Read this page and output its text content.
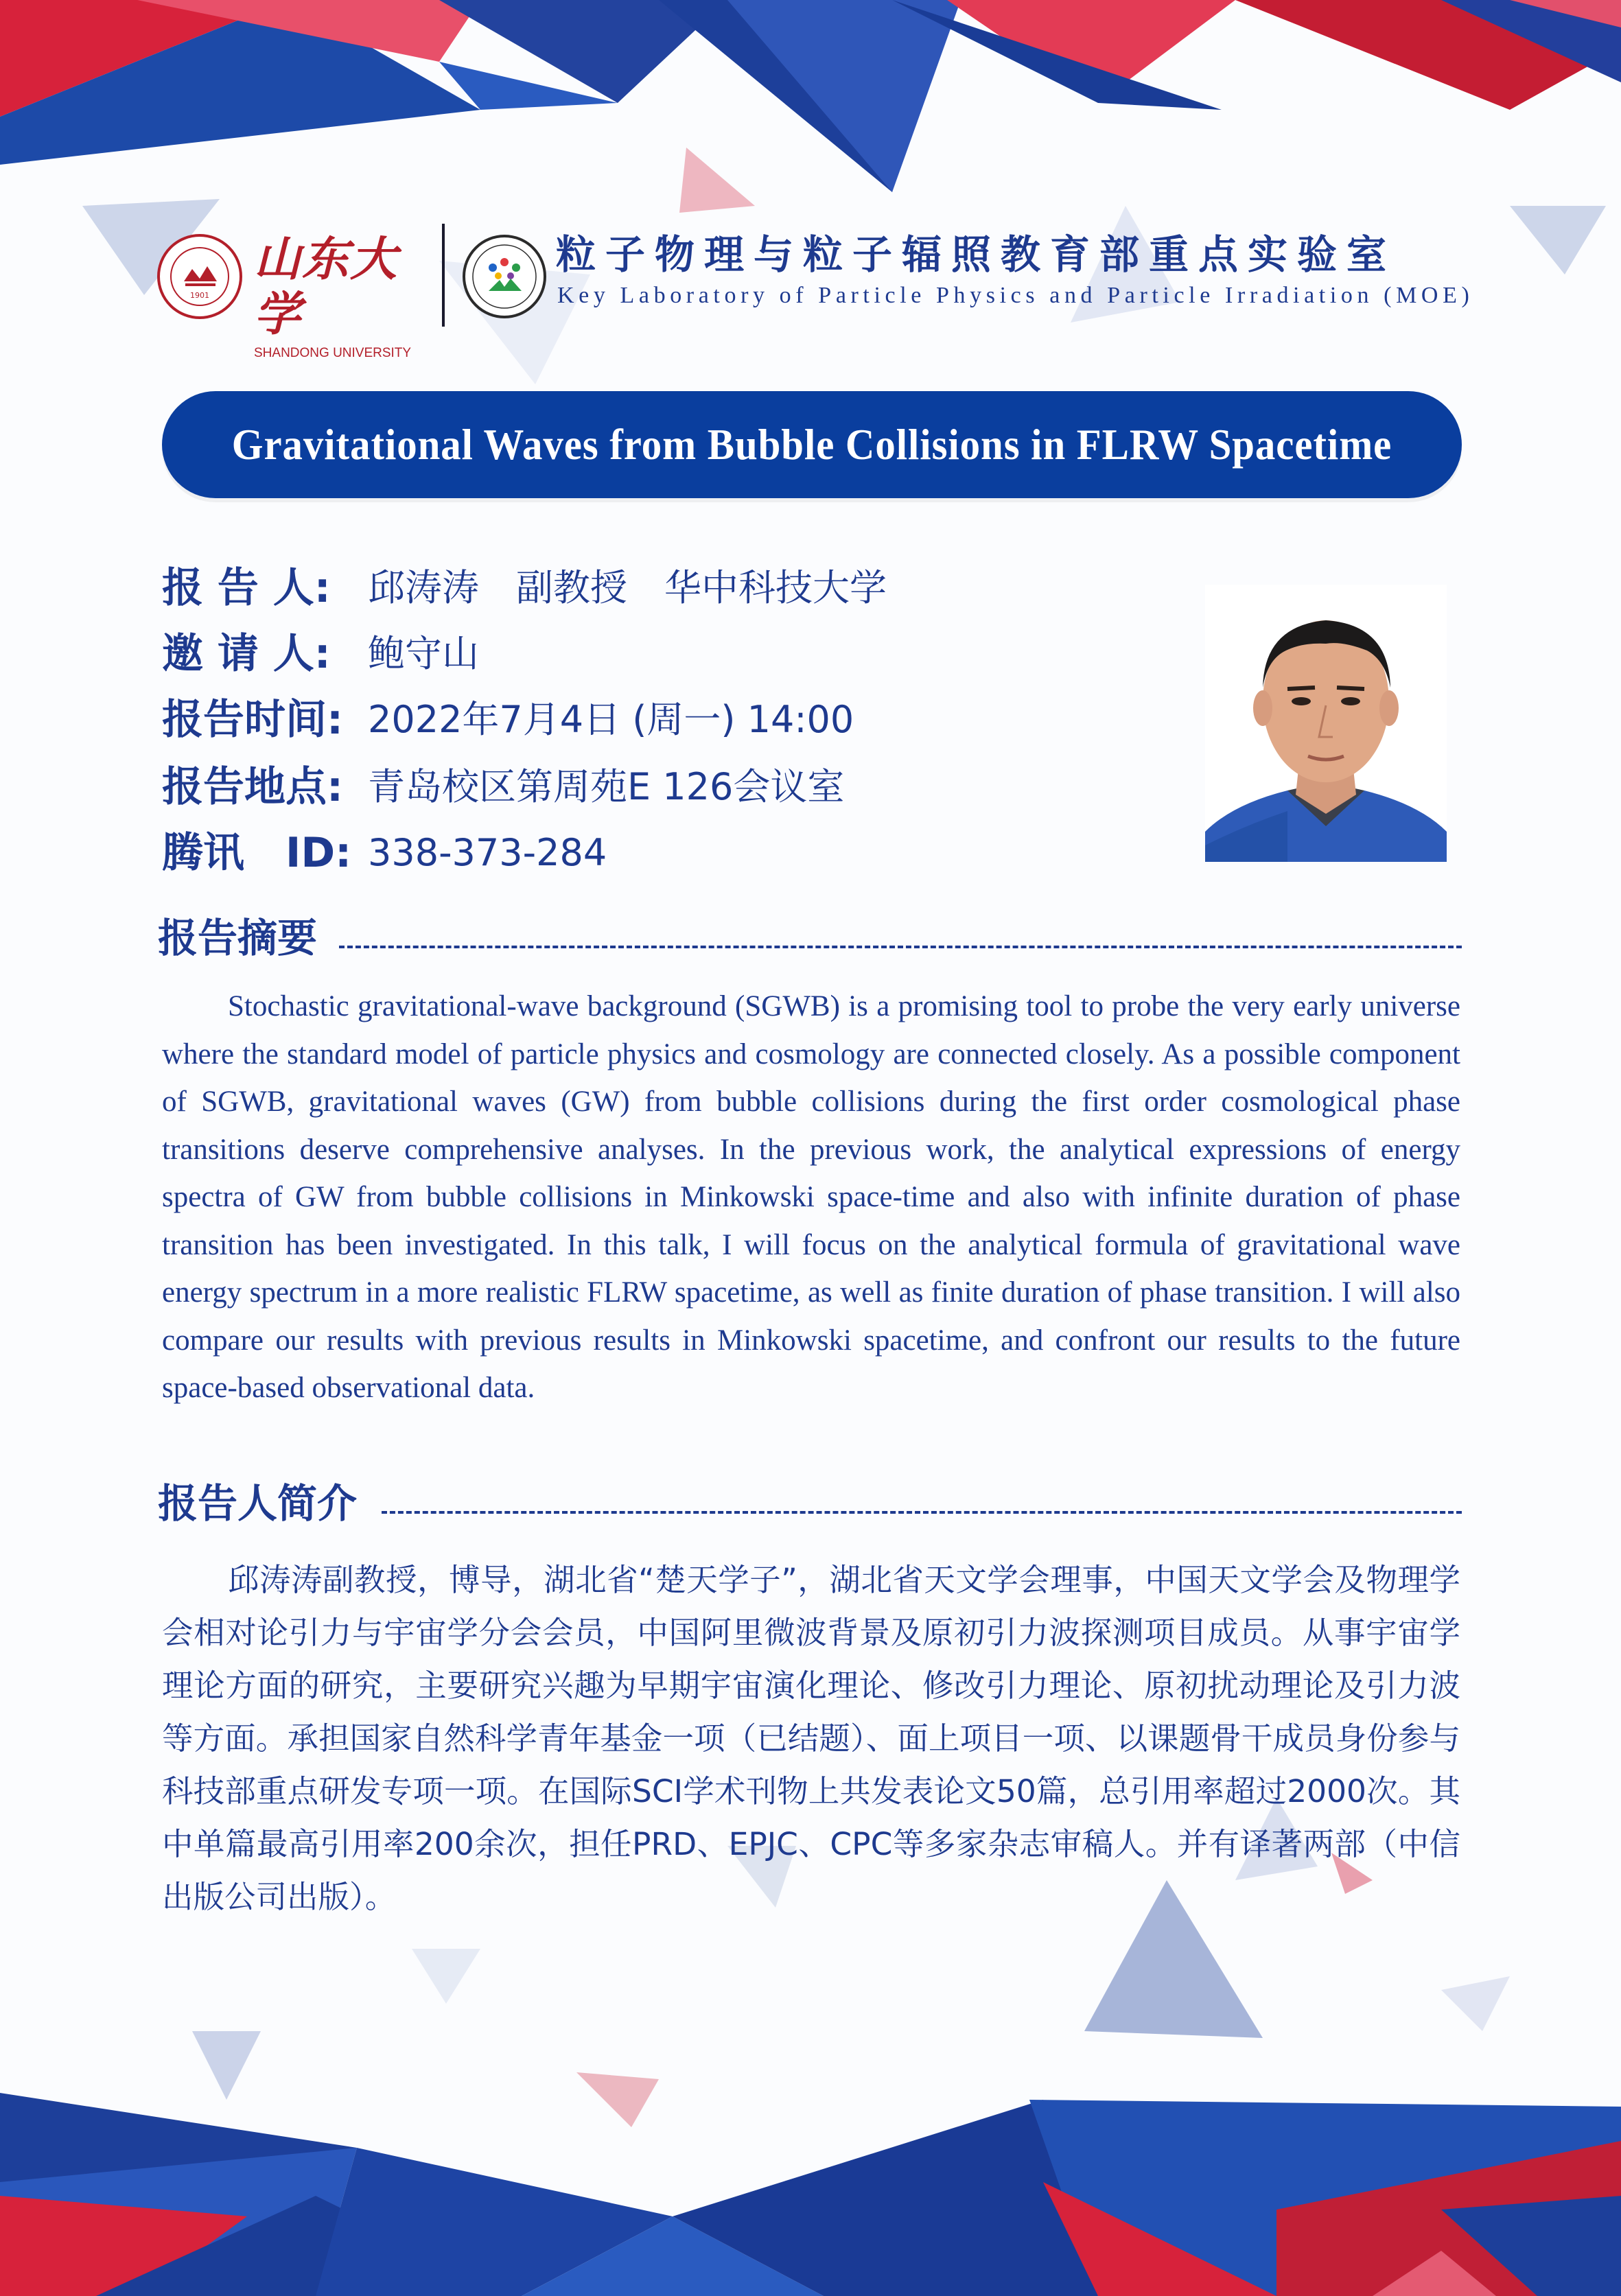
1901
山东大学
SHANDONG UNIVERSITY
粒子物理与粒子辐照教育部重点实验室
Key Laboratory of Particle Physics and Particle Irradiation (MOE)
Gravitational Waves from Bubble Collisions in FLRW Spacetime
报 告 人: 邱涛涛　副教授　华中科技大学
邀 请 人: 鲍守山
报告时间: 2022年7月4日 (周一) 14:00
报告地点: 青岛校区第周苑E 126会议室
腾讯　ID: 338-373-284
报告摘要

Stochastic gravitational-wave background (SGWB) is a promising tool to probe the very early universe where the standard model of particle physics and cosmology are connected closely. As a possible component of SGWB, gravitational waves (GW) from bubble collisions during the first order cosmological phase transitions deserve comprehensive analyses. In the previous work, the analytical expressions of energy spectra of GW from bubble collisions in Minkowski space-time and also with infinite duration of phase transition has been investigated. In this talk, I will focus on the analytical formula of gravitational wave energy spectrum in a more realistic FLRW spacetime, as well as finite duration of phase transition. I will also compare our results with previous results in Minkowski spacetime, and confront our results to the future space-based observational data.

报告人简介

邱涛涛副教授，博导，湖北省“楚天学子”，湖北省天文学会理事，中国天文学会及物理学会相对论引力与宇宙学分会会员，中国阿里微波背景及原初引力波探测项目成员。从事宇宙学理论方面的研究，主要研究兴趣为早期宇宙演化理论、修改引力理论、原初扰动理论及引力波等方面。承担国家自然科学青年基金一项（已结题）、面上项目一项、以课题骨干成员身份参与科技部重点研发专项一项。在国际SCI学术刊物上共发表论文50篇，总引用率超过2000次。其中单篇最高引用率200余次，担任PRD、EPJC、CPC等多家杂志审稿人。并有译著两部（中信出版公司出版）。
